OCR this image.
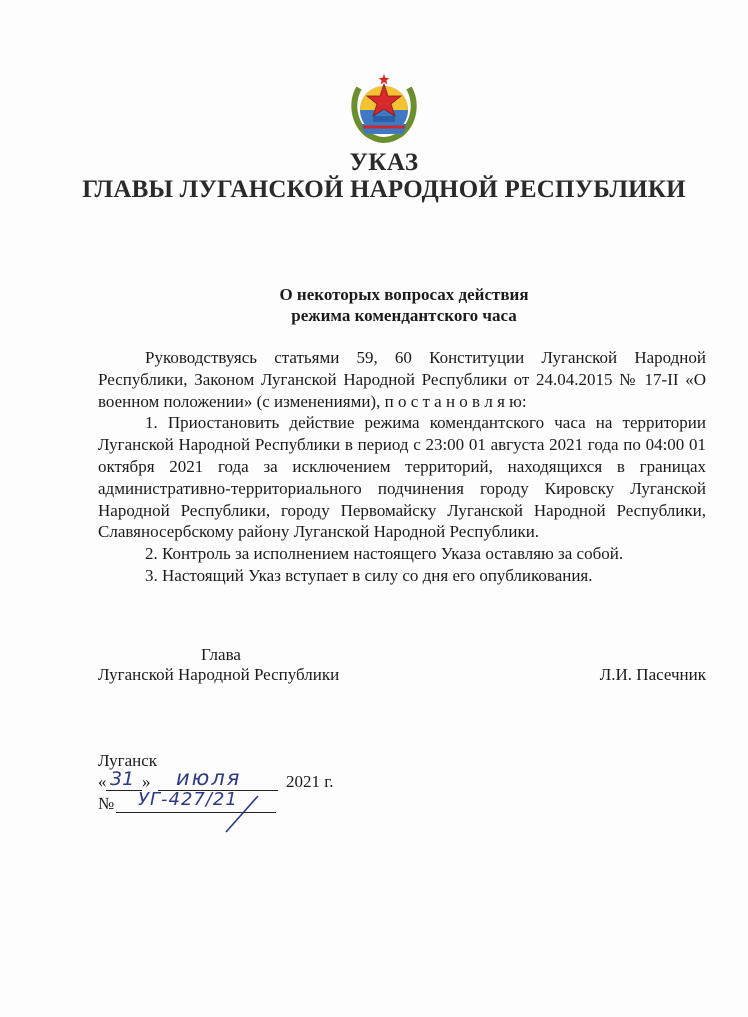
УКАЗ
ГЛАВЫ ЛУГАНСКОЙ НАРОДНОЙ РЕСПУБЛИКИ
О некоторых вопросах действия
режима комендантского часа

Руководствуясь статьями 59, 60 Конституции Луганской Народной Республики, Законом Луганской Народной Республики от 24.04.2015 № 17-II «О военном положении» (с изменениями), п о с т а н о в л я ю:

1. Приостановить действие режима комендантского часа на территории Луганской Народной Республики в период с 23:00 01 августа 2021 года по 04:00 01 октября 2021 года за исключением территорий, находящихся в границах административно-территориального подчинения городу Кировску Луганской Народной Республики, городу Первомайску Луганской Народной Республики, Славяносербскому району Луганской Народной Республики.

2. Контроль за исполнением настоящего Указа оставляю за собой.

3. Настоящий Указ вступает в силу со дня его опубликования.

Глава
Луганской Народной Республики	Л.И. Пасечник
Луганск
« 31 » июля	2021 г.
№ УГ-427/21
